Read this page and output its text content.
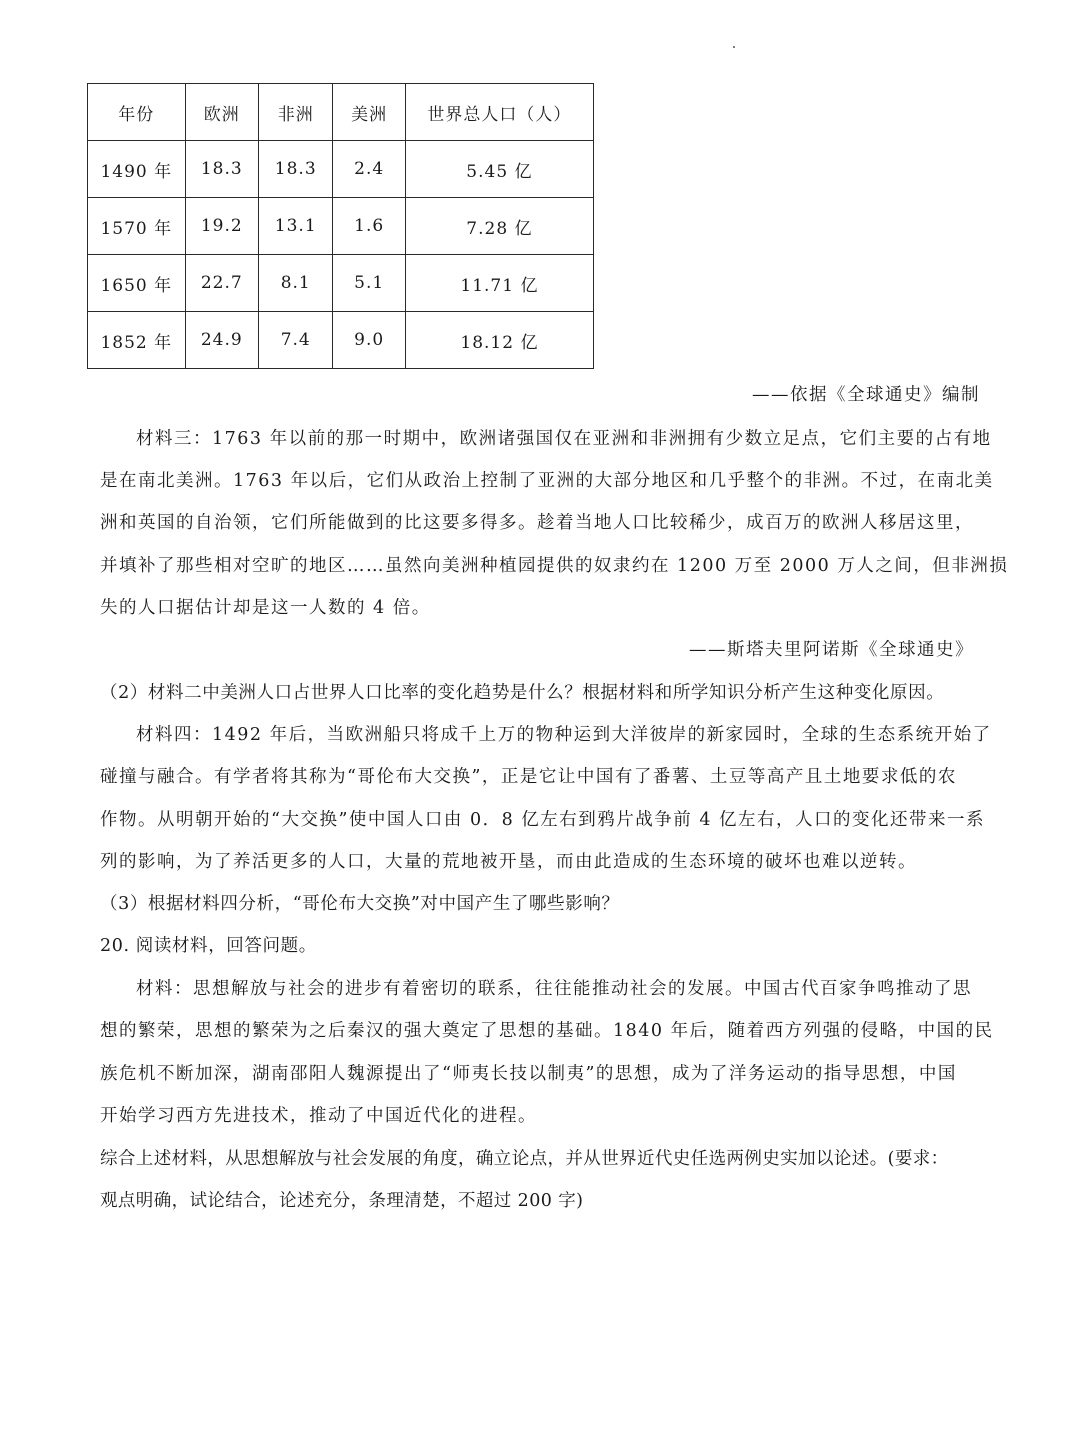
年份	欧洲	非洲	美洲	世界总人口（人）
1490 年	18.3	18.3	2.4	5.45 亿
1570 年	19.2	13.1	1.6	7.28 亿
1650 年	22.7	8.1	5.1	11.71 亿
1852 年	24.9	7.4	9.0	18.12 亿
——依据《全球通史》编制
材料三：1763 年以前的那一时期中，欧洲诸强国仅在亚洲和非洲拥有少数立足点，它们主要的占有地
是在南北美洲。1763 年以后，它们从政治上控制了亚洲的大部分地区和几乎整个的非洲。不过，在南北美
洲和英国的自治领，它们所能做到的比这要多得多。趁着当地人口比较稀少，成百万的欧洲人移居这里，
并填补了那些相对空旷的地区……虽然向美洲种植园提供的奴隶约在 1200 万至 2000 万人之间，但非洲损
失的人口据估计却是这一人数的 4 倍。
——斯塔夫里阿诺斯《全球通史》
（2）材料二中美洲人口占世界人口比率的变化趋势是什么？根据材料和所学知识分析产生这种变化原因。
材料四：1492 年后，当欧洲船只将成千上万的物种运到大洋彼岸的新家园时，全球的生态系统开始了
碰撞与融合。有学者将其称为“哥伦布大交换”，正是它让中国有了番薯、土豆等高产且土地要求低的农
作物。从明朝开始的“大交换”使中国人口由 0．8 亿左右到鸦片战争前 4 亿左右，人口的变化还带来一系
列的影响，为了养活更多的人口，大量的荒地被开垦，而由此造成的生态环境的破坏也难以逆转。
（3）根据材料四分析，“哥伦布大交换”对中国产生了哪些影响？
20. 阅读材料，回答问题。
材料：思想解放与社会的进步有着密切的联系，往往能推动社会的发展。中国古代百家争鸣推动了思
想的繁荣，思想的繁荣为之后秦汉的强大奠定了思想的基础。1840 年后，随着西方列强的侵略，中国的民
族危机不断加深，湖南邵阳人魏源提出了“师夷长技以制夷”的思想，成为了洋务运动的指导思想，中国
开始学习西方先进技术，推动了中国近代化的进程。
综合上述材料，从思想解放与社会发展的角度，确立论点，并从世界近代史任选两例史实加以论述。(要求：
观点明确，试论结合，论述充分，条理清楚，不超过 200 字)
